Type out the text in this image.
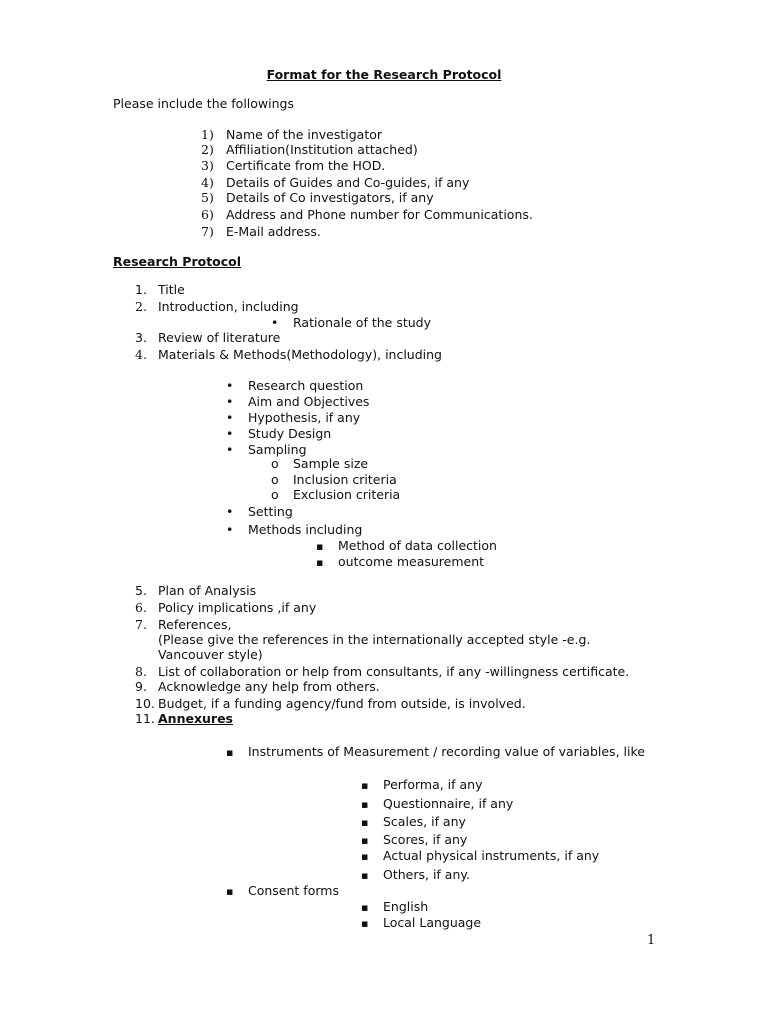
Format for the Research Protocol
Please include the followings
1) Name of the investigator
2) Affiliation(Institution attached)
3) Certificate from the HOD.
4) Details of Guides and Co-guides, if any
5) Details of Co investigators, if any
6) Address and Phone number for Communications.
7) E-Mail address.
Research Protocol
1. Title
2. Introduction, including
•Rationale of the study
3. Review of literature
4. Materials & Methods(Methodology), including
•Research question
•Aim and Objectives
•Hypothesis, if any
•Study Design
•Sampling
oSample size
oInclusion criteria
oExclusion criteria
•Setting
•Methods including
▪Method of data collection
▪outcome measurement
5. Plan of Analysis
6. Policy implications ,if any
7. References,
(Please give the references in the internationally accepted style -e.g.
Vancouver style)
8. List of collaboration or help from consultants, if any -willingness certificate.
9. Acknowledge any help from others.
10. Budget, if a funding agency/fund from outside, is involved.
11. Annexures
▪Instruments of Measurement / recording value of variables, like
▪Performa, if any
▪Questionnaire, if any
▪Scales, if any
▪Scores, if any
▪Actual physical instruments, if any
▪Others, if any.
▪Consent forms
▪English
▪Local Language
1
